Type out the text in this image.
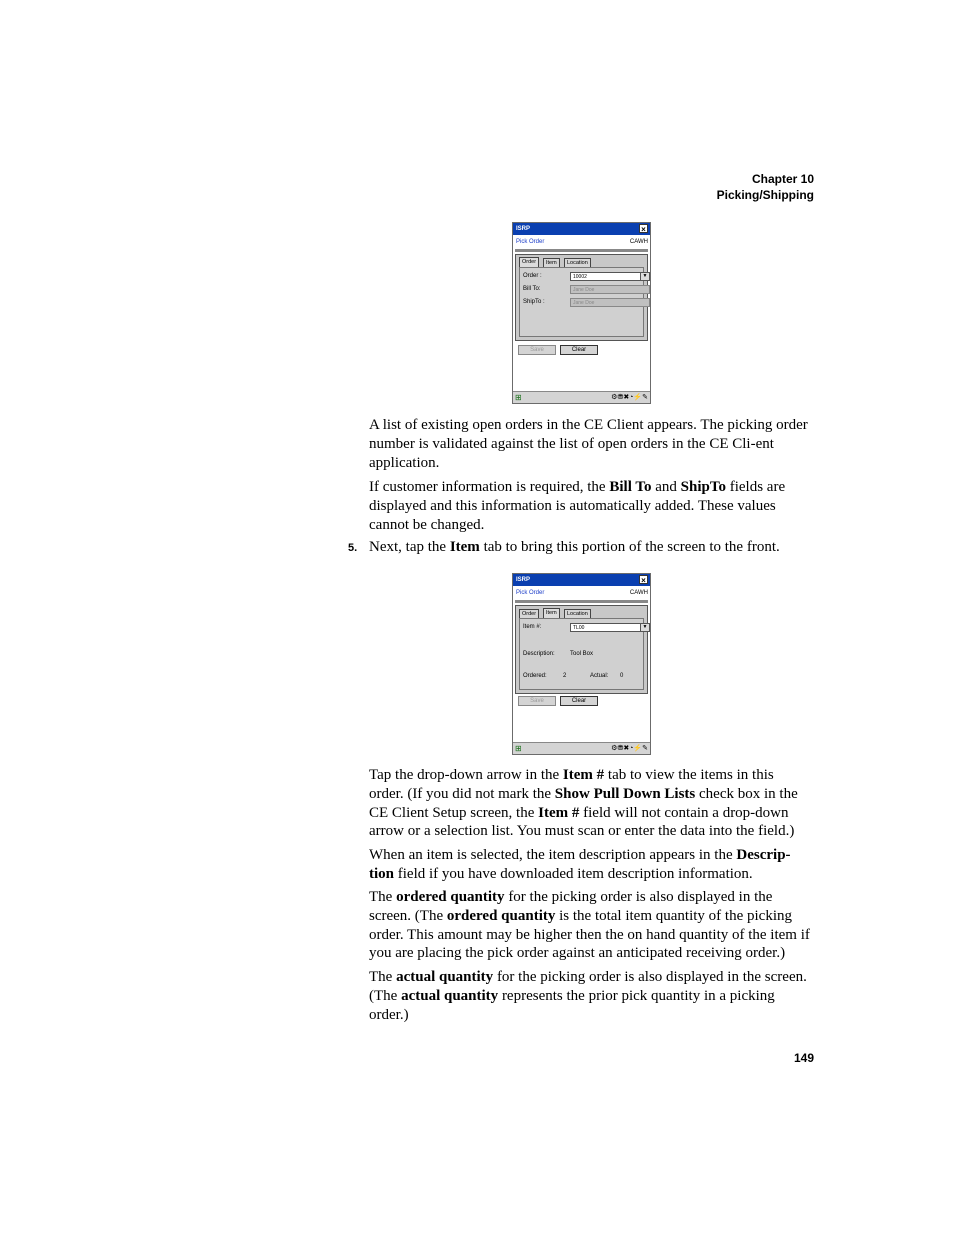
Chapter 10
Picking/Shipping
ISRP	×
Pick Order	CAWH
Order	Item	Location
Order :	10002	▼
Bill To:	Jane Doe
ShipTo :	Jane Doe
Save	Clear
⊞	⚙⛃✖◔⚡✎
A list of existing open orders in the CE Client appears. The picking order number is validated against the list of open orders in the CE Cli-ent application.
If customer information is required, the Bill To and ShipTo fields are displayed and this information is automatically added. These values cannot be changed.
5. Next, tap the Item tab to bring this portion of the screen to the front.
ISRP	×
Pick Order	CAWH
Order	Item	Location
Item #:	TL00	▼
Description:	Tool Box
Ordered:	2	Actual: 0
Save	Clear
⊞	⚙⛃✖◔⚡✎
Tap the drop-down arrow in the Item # tab to view the items in this order. (If you did not mark the Show Pull Down Lists check box in the CE Client Setup screen, the Item # field will not contain a drop-down arrow or a selection list. You must scan or enter the data into the field.)
When an item is selected, the item description appears in the Descrip-tion field if you have downloaded item description information.
The ordered quantity for the picking order is also displayed in the screen. (The ordered quantity is the total item quantity of the picking order. This amount may be higher then the on hand quantity of the item if you are placing the pick order against an anticipated receiving order.)
The actual quantity for the picking order is also displayed in the screen. (The actual quantity represents the prior pick quantity in a picking order.)
149
